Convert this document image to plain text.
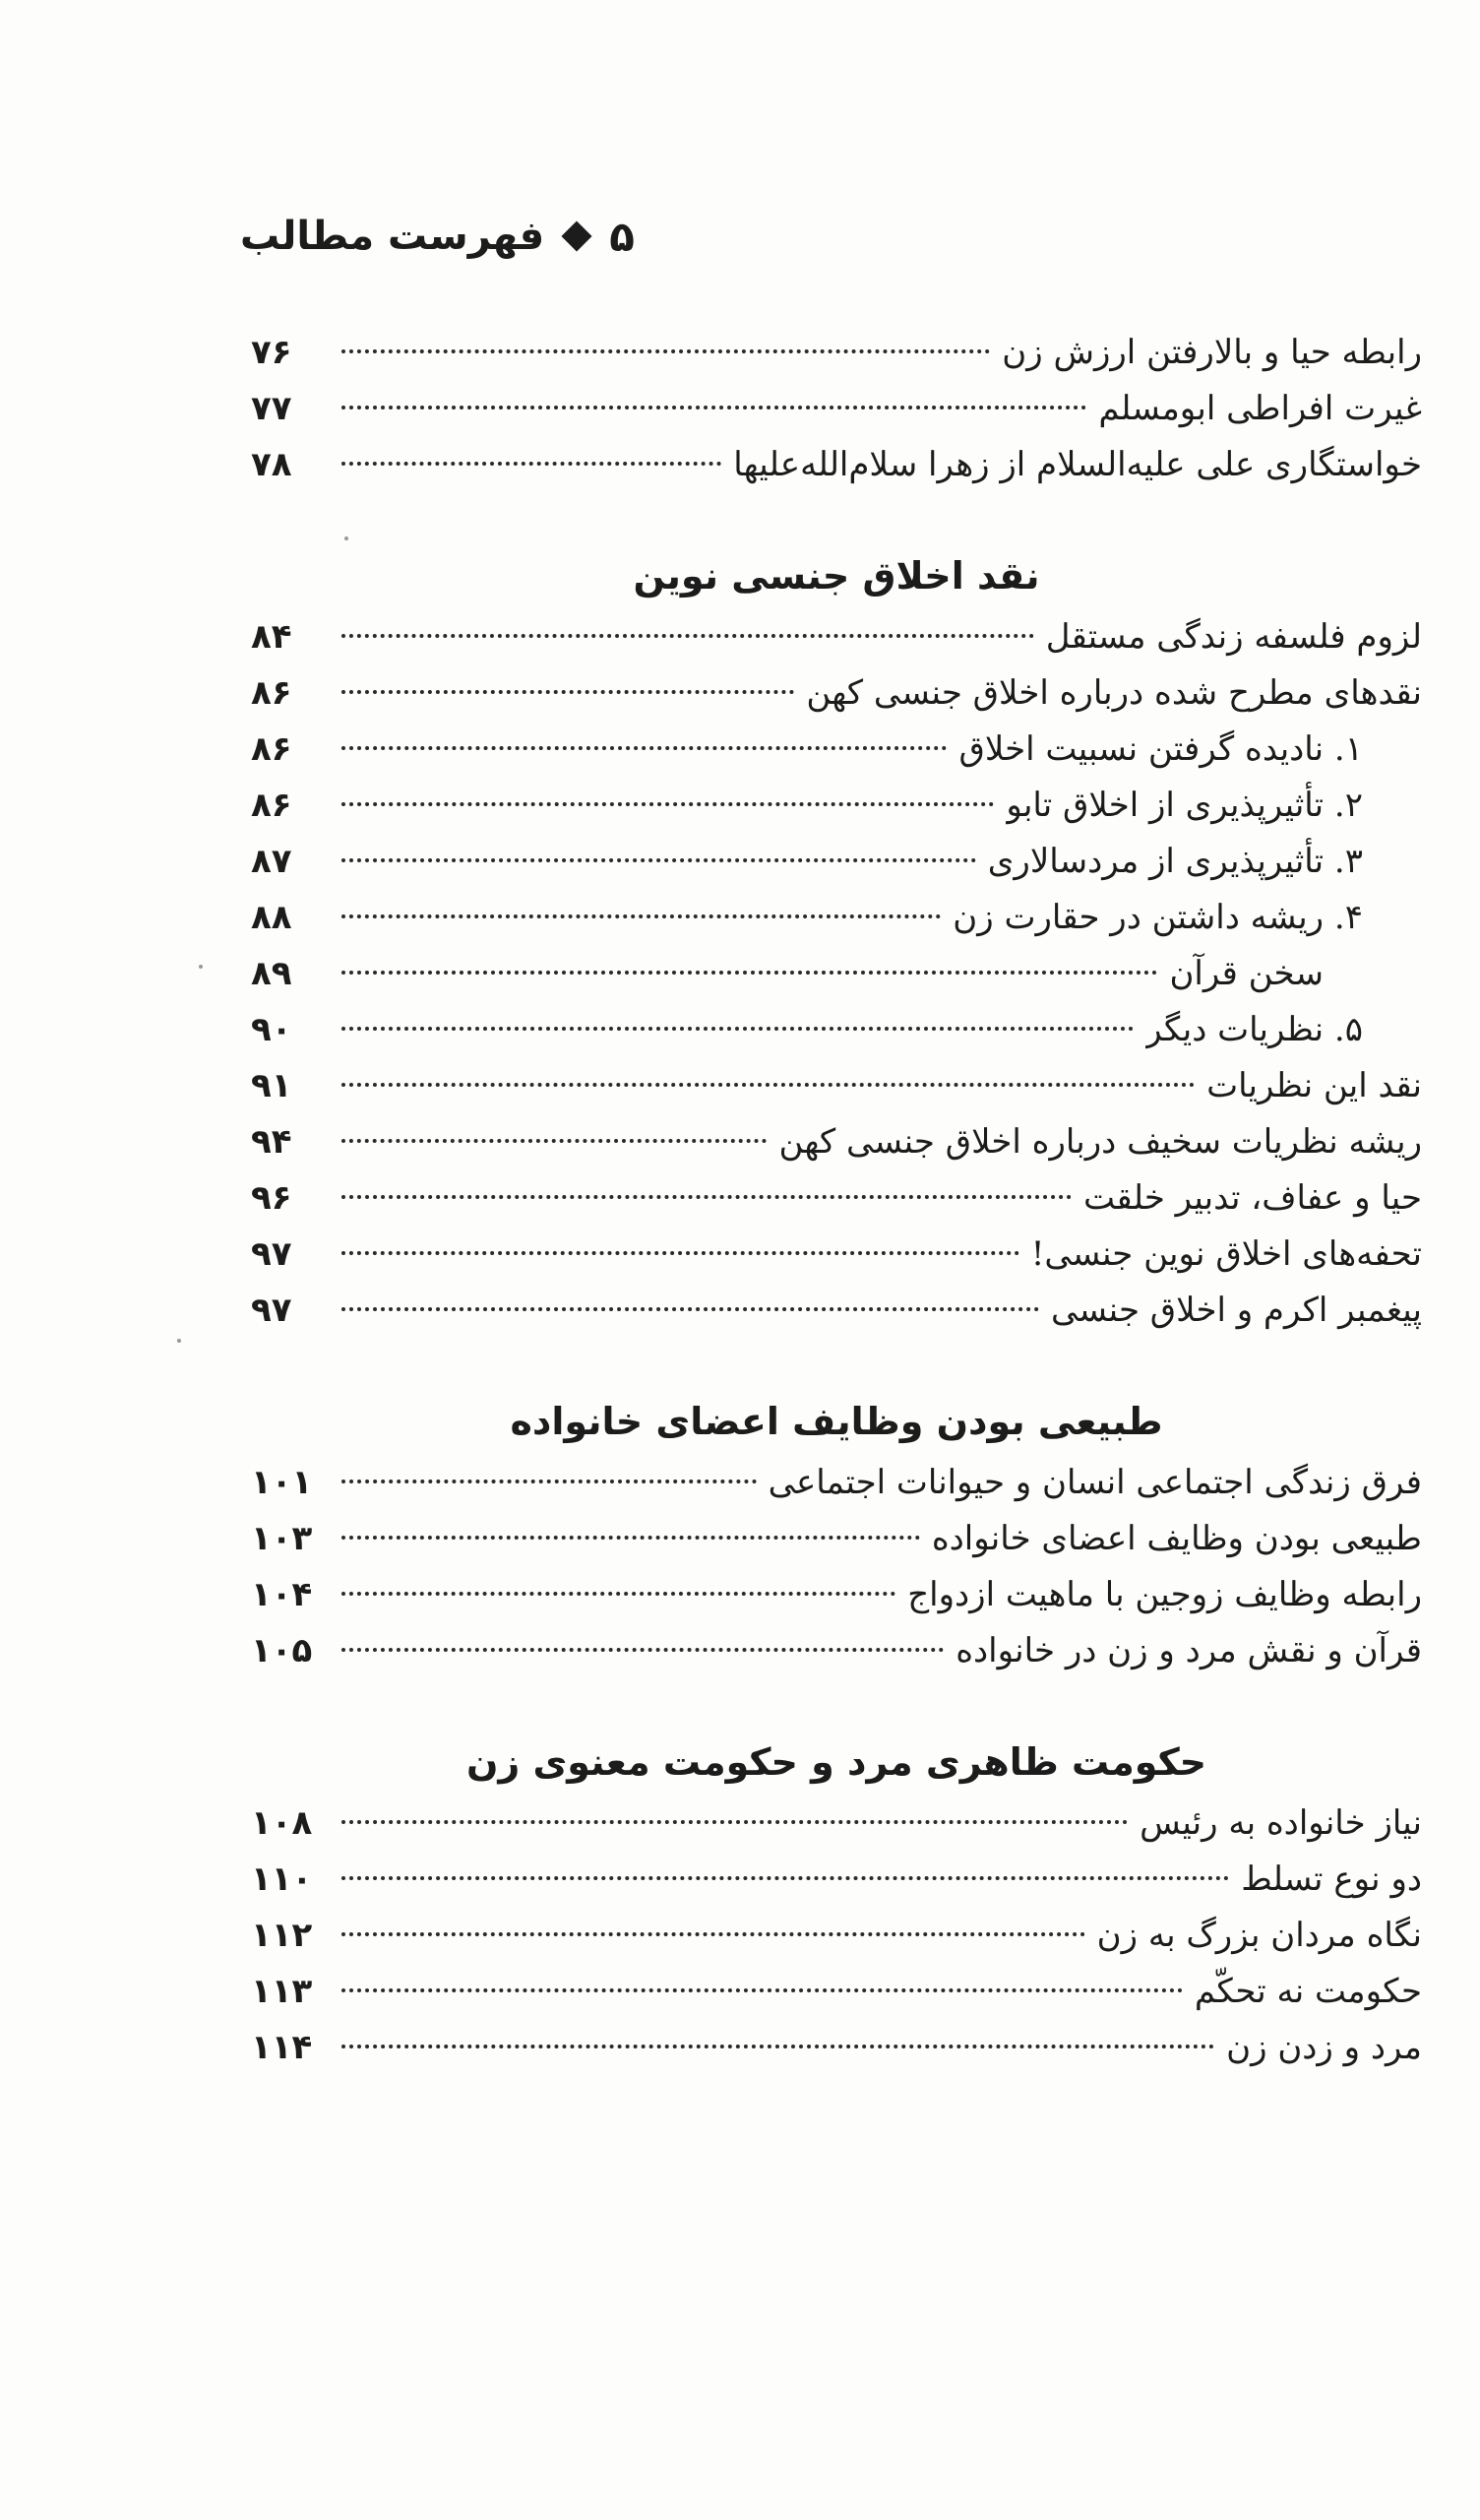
فهرست مطالب ۵
رابطه حیا و بالارفتن ارزش زن
۷۶
غیرت افراطی ابومسلم
۷۷
خواستگاری علی علیه‌السلام از زهرا سلام‌الله‌علیها
۷۸
نقد اخلاق جنسی نوین
لزوم فلسفه زندگی مستقل
۸۴
نقدهای مطرح شده درباره اخلاق جنسی کهن
۸۶
۱. نادیده گرفتن نسبیت اخلاق
۸۶
۲. تأثیرپذیری از اخلاق تابو
۸۶
۳. تأثیرپذیری از مردسالاری
۸۷
۴. ریشه داشتن در حقارت زن
۸۸
سخن قرآن
۸۹
۵. نظریات دیگر
۹۰
نقد این نظریات
۹۱
ریشه نظریات سخیف درباره اخلاق جنسی کهن
۹۴
حیا و عفاف، تدبیر خلقت
۹۶
تحفه‌های اخلاق نوین جنسی!
۹۷
پیغمبر اکرم و اخلاق جنسی
۹۷
طبیعی بودن وظایف اعضای خانواده
فرق زندگی اجتماعی انسان و حیوانات اجتماعی
۱۰۱
طبیعی بودن وظایف اعضای خانواده
۱۰۳
رابطه وظایف زوجین با ماهیت ازدواج
۱۰۴
قرآن و نقش مرد و زن در خانواده
۱۰۵
حکومت ظاهری مرد و حکومت معنوی زن
نیاز خانواده به رئیس
۱۰۸
دو نوع تسلط
۱۱۰
نگاه مردان بزرگ به زن
۱۱۲
حکومت نه تحکّم
۱۱۳
مرد و زدن زن
۱۱۴
